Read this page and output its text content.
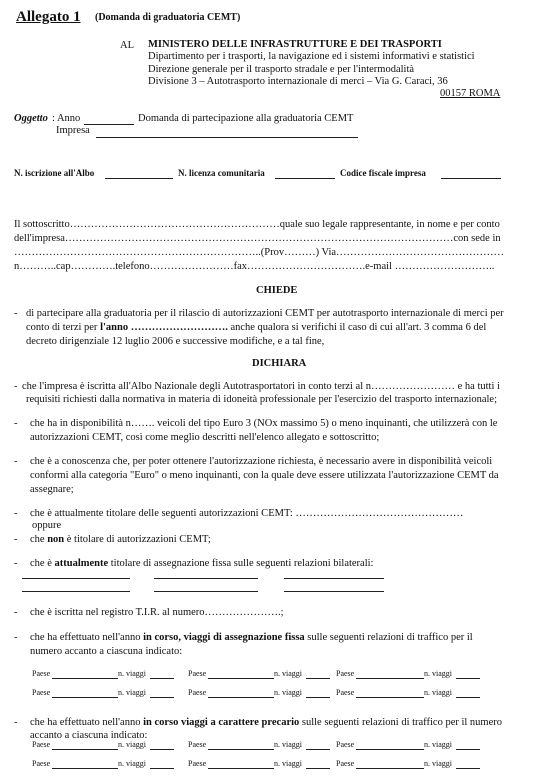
Allegato 1 (Domanda di graduatoria CEMT)
AL MINISTERO DELLE INFRASTRUTTURE E DEI TRASPORTI
Dipartimento per i trasporti, la navigazione ed i sistemi informativi e statistici
Direzione generale per il trasporto stradale e per l'intermodalità
Divisione 3 – Autotrasporto internazionale di merci – Via G. Caraci, 36
00157 ROMA
Oggetto : Anno	Domanda di partecipazione alla graduatoria CEMT
Impresa
N. iscrizione all'Albo	N. licenza comunitaria	Codice fiscale impresa
Il sottoscritto……………………………………………………quale suo legale rappresentante, in nome e per conto
dell'impresa…………………………………………………………………………………………………con sede in
……………………………………………………………..(Prov………) Via…………………………………………
n………..cap………….telefono……………………fax…………………………….e-mail ………………………..
CHIEDE
- di partecipare alla graduatoria per il rilascio di autorizzazioni CEMT per autotrasporto internazionale di merci per
conto di terzi per l'anno ………………………. anche qualora si verifichi il caso di cui all'art. 3 comma 6 del
decreto dirigenziale 12 luglio 2006 e successive modifiche, e a tal fine,
DICHIARA
- che l'impresa è iscritta all'Albo Nazionale degli Autotrasportatori in conto terzi al n…………………… e ha tutti i
requisiti richiesti dalla normativa in materia di idoneità professionale per l'esercizio del trasporto internazionale;
- che ha in disponibilità n……. veicoli del tipo Euro 3 (NOx massimo 5) o meno inquinanti, che utilizzerà con le
autorizzazioni CEMT, così come meglio descritti nell'elenco allegato e sottoscritto;
- che è a conoscenza che, per poter ottenere l'autorizzazione richiesta, è necessario avere in disponibilità veicoli
conformi alla categoria "Euro" o meno inquinanti, con la quale deve essere utilizzata l'autorizzazione CEMT da
assegnare;
- che è attualmente titolare delle seguenti autorizzazioni CEMT: …………………………………………
oppure
- che non è titolare di autorizzazioni CEMT;
- che è attualmente titolare di assegnazione fissa sulle seguenti relazioni bilaterali:
- che è iscritta nel registro T.I.R. al numero………………….;
- che ha effettuato nell'anno in corso, viaggi di assegnazione fissa sulle seguenti relazioni di traffico per il
numero accanto a ciascuna indicato:
Paese	n. viaggi	Paese	n. viaggi	Paese	n. viaggi
Paese	n. viaggi	Paese	n. viaggi	Paese	n. viaggi
- che ha effettuato nell'anno in corso viaggi a carattere precario sulle seguenti relazioni di traffico per il numero
accanto a ciascuna indicato:
Paese	n. viaggi	Paese	n. viaggi	Paese	n. viaggi
Paese	n. viaggi	Paese	n. viaggi	Paese	n. viaggi
